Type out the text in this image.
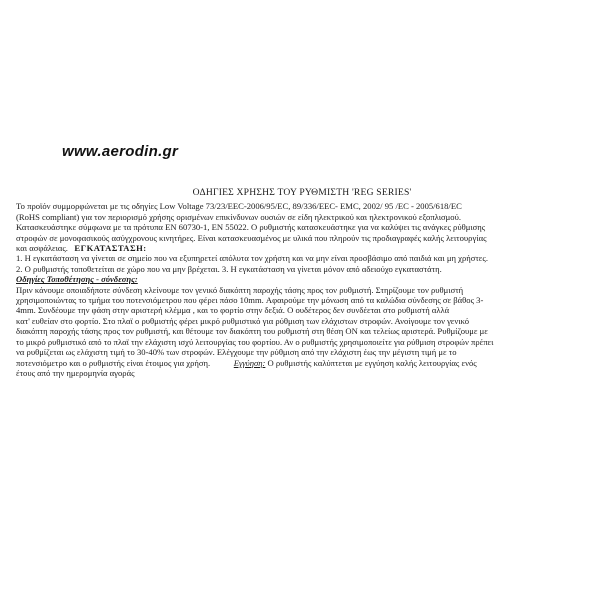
www.aerodin.gr
ΟΔΗΓΙΕΣ ΧΡΗΣΗΣ ΤΟΥ ΡΥΘΜΙΣΤΗ 'REG SERIES'
Το προϊόν συμμορφώνεται με τις οδηγίες Low Voltage 73/23/EEC-2006/95/EC, 89/336/EEC- EMC, 2002/ 95 /EC - 2005/618/EC
(RoHS compliant) για τον περιορισμό χρήσης ορισμένων επικίνδυνων ουσιών σε είδη ηλεκτρικού και ηλεκτρονικού εξοπλισμού.
Κατασκευάστηκε σύμφωνα με τα πρότυπα EN 60730-1, EN 55022. Ο ρυθμιστής κατασκευάστηκε για να καλύψει τις ανάγκες ρύθμισης
στροφών σε μονοφασικούς ασύγχρονους κινητήρες. Είναι κατασκευασμένος με υλικά που πληρούν τις προδιαγραφές καλής λειτουργίας
και ασφάλειας. ΕΓΚΑΤΑΣΤΑΣΗ:
1. Η εγκατάσταση να γίνεται σε σημείο που να εξυπηρετεί απόλυτα τον χρήστη και να μην είναι προσβάσιμο από παιδιά και μη χρήστες.
2. Ο ρυθμιστής τοποθετείται σε χώρο που να μην βρέχεται. 3. Η εγκατάσταση να γίνεται μόνον από αδειούχο εγκαταστάτη.
Οδηγίες Τοποθέτησης - σύνδεσης:
Πριν κάνουμε οποιαδήποτε σύνδεση κλείνουμε τον γενικό διακόπτη παροχής τάσης προς τον ρυθμιστή. Στηρίζουμε τον ρυθμιστή
χρησιμοποιώντας το τμήμα του ποτενσιόμετρου που φέρει πάσο 10mm. Αφαιρούμε την μόνωση από τα καλώδια σύνδεσης σε βάθος 3-
4mm. Συνδέουμε την φάση στην αριστερή κλέμμα , και το φορτίο στην δεξιά. Ο ουδέτερος δεν συνδέεται στο ρυθμιστή αλλά
κατ' ευθείαν στο φορτίο. Στο πλαϊ ο ρυθμιστής φέρει μικρό ρυθμιστικό για ρύθμιση των ελάχιστων στροφών. Ανοίγουμε τον γενικό
διακόπτη παροχής τάσης προς τον ρυθμιστή, και θέτουμε τον διακόπτη του ρυθμιστή στη θέση ON και τελείως αριστερά. Ρυθμίζουμε με
το μικρό ρυθμιστικό από το πλαϊ την ελάχιστη ισχύ λειτουργίας του φορτίου. Αν ο ρυθμιστής χρησιμοποιείτε για ρύθμιση στροφών πρέπει
να ρυθμίζεται ως ελάχιστη τιμή το 30-40% των στροφών. Ελέγχουμε την ρύθμιση από την ελάχιστη έως την μέγιστη τιμή με το
ποτενσιόμετρο και ο ρυθμιστής είναι έτοιμος για χρήση.	Εγγύηση: Ο ρυθμιστής καλύπτεται με εγγύηση καλής λειτουργίας ενός
έτους από την ημερομηνία αγοράς
